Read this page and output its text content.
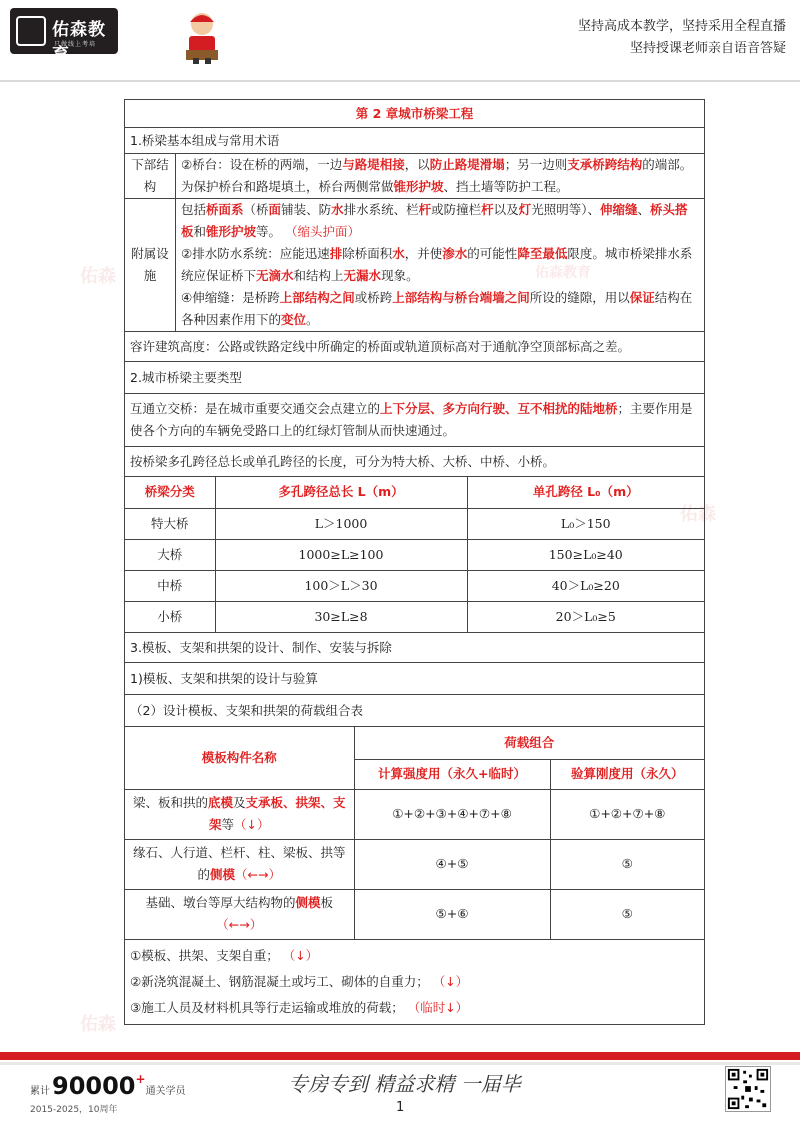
佑森教育
只做线上考培
坚持高成本教学，坚持采用全程直播
坚持授课老师亲自语音答疑
佑森
佑森
佑森
佑森教育
第 2 章城市桥梁工程
1.桥梁基本组成与常用术语
下部结构	②桥台：设在桥的两端，一边与路堤相接，以防止路堤滑塌；另一边则支承桥跨结构的端部。为保护桥台和路堤填土，桥台两侧常做锥形护坡、挡土墙等防护工程。
附属设施	
包括桥面系（桥面铺装、防水排水系统、栏杆或防撞栏杆以及灯光照明等）、伸缩缝、桥头搭板和锥形护坡等。 （缩头护面）
②排水防水系统：应能迅速排除桥面积水，并使渗水的可能性降至最低限度。城市桥梁排水系统应保证桥下无滴水和结构上无漏水现象。
④伸缩缝：是桥跨上部结构之间或桥跨上部结构与桥台端墙之间所设的缝隙，用以保证结构在各种因素作用下的变位。

容许建筑高度：公路或铁路定线中所确定的桥面或轨道顶标高对于通航净空顶部标高之差。
2.城市桥梁主要类型
互通立交桥：是在城市重要交通交会点建立的上下分层、多方向行驶、互不相扰的陆地桥；主要作用是使各个方向的车辆免受路口上的红绿灯管制从而快速通过。
按桥梁多孔跨径总长或单孔跨径的长度，可分为特大桥、大桥、中桥、小桥。

桥梁分类	多孔跨径总长 L（m）	单孔跨径 L₀（m）
特大桥	L＞1000	L₀＞150
大桥	1000≥L≥100	150≥L₀≥40
中桥	100＞L＞30	40＞L₀≥20
小桥	30≥L≥8	20＞L₀≥5

3.模板、支架和拱架的设计、制作、安装与拆除
1)模板、支架和拱架的设计与验算
（2）设计模板、支架和拱架的荷载组合表

模板构件名称	荷载组合
计算强度用（永久+临时）	验算刚度用（永久）
梁、板和拱的底模及支承板、拱架、支架等（↓）	①+②+③+④+⑦+⑧	①+②+⑦+⑧
缘石、人行道、栏杆、柱、梁板、拱等的侧模（←→）	④+⑤	⑤
基础、墩台等厚大结构物的侧模板（←→）	⑤+⑥	⑤

①模板、拱架、支架自重； （↓）
②新浇筑混凝土、钢筋混凝土或圬工、砌体的自重力； （↓）
③施工人员及材料机具等行走运输或堆放的荷载； （临时↓）
累计90000+通关学员
2015-2025，10周年
专房专到 精益求精 一届毕
1
